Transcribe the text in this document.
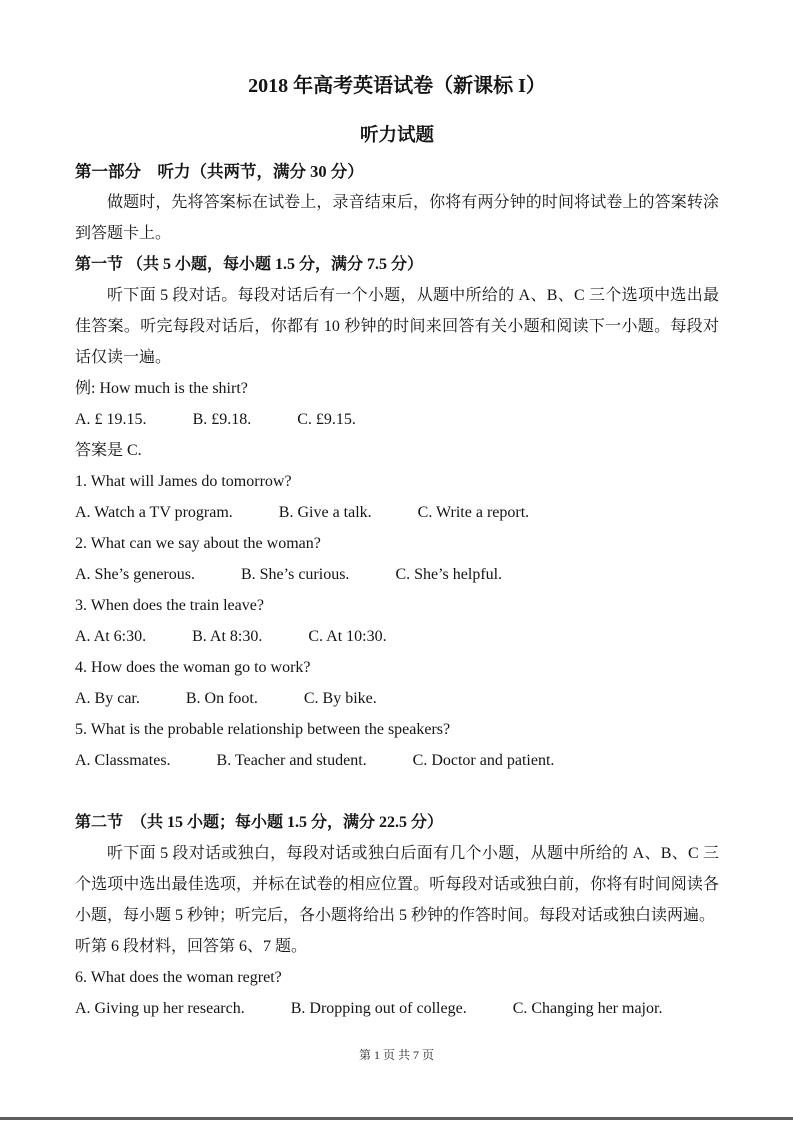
2018 年高考英语试卷（新课标 I）
听力试题
第一部分　听力（共两节，满分 30 分）

做题时，先将答案标在试卷上，录音结束后，你将有两分钟的时间将试卷上的答案转涂到答题卡上。

第一节 （共 5 小题，每小题 1.5 分，满分 7.5 分）

听下面 5 段对话。每段对话后有一个小题，从题中所给的 A、B、C 三个选项中选出最佳答案。听完每段对话后，你都有 10 秒钟的时间来回答有关小题和阅读下一小题。每段对话仅读一遍。

例: How much is the shirt?
A. £ 19.15.	B. £9.18.	C. £9.15.
答案是 C.
1. What will James do tomorrow?
A. Watch a TV program.	B. Give a talk.	C. Write a report.
2. What can we say about the woman?
A. She’s generous.	B. She’s curious.	C. She’s helpful.
3. When does the train leave?
A. At 6:30.	B. At 8:30.	C. At 10:30.
4. How does the woman go to work?
A. By car.	B. On foot.	C. By bike.
5. What is the probable relationship between the speakers?
A. Classmates.	B. Teacher and student.	C. Doctor and patient.
第二节　（共 15 小题；每小题 1.5 分，满分 22.5 分）

听下面 5 段对话或独白，每段对话或独白后面有几个小题，从题中所给的 A、B、C 三个选项中选出最佳选项，并标在试卷的相应位置。听每段对话或独白前，你将有时间阅读各小题，每小题 5 秒钟；听完后，各小题将给出 5 秒钟的作答时间。每段对话或独白读两遍。

听第 6 段材料，回答第 6、7 题。
6. What does the woman regret?
A. Giving up her research.	B. Dropping out of college.	C. Changing her major.
第 1 页 共 7 页
